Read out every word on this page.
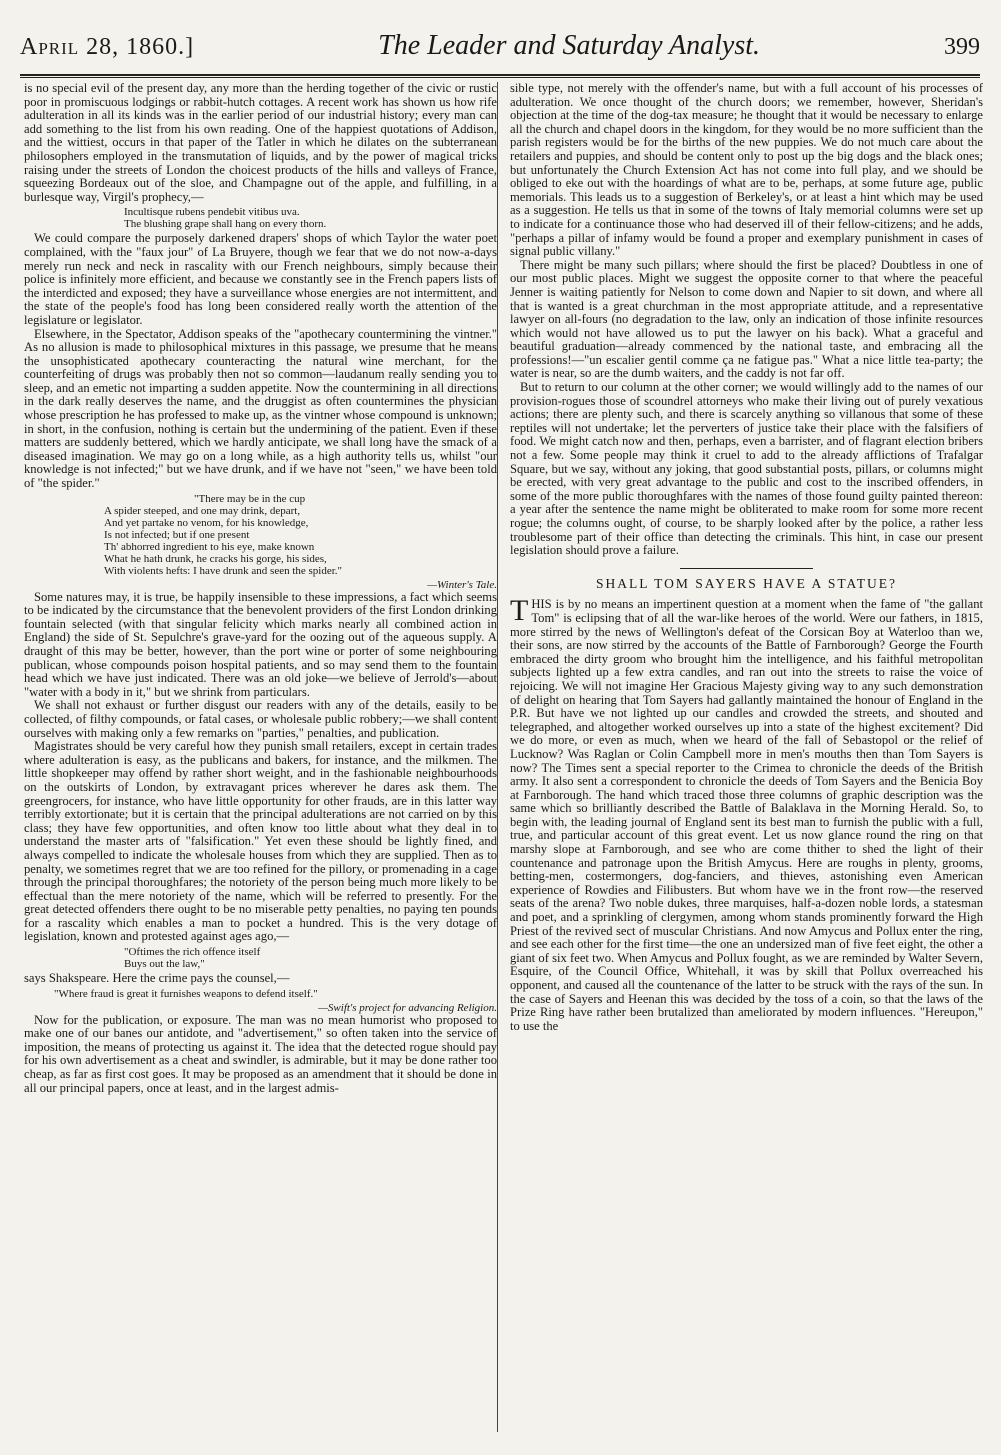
April 28, 1860.]	The Leader and Saturday Analyst.	399

is no special evil of the present day, any more than the herding together of the civic or rustic poor in promiscuous lodgings or rabbit-hutch cottages. A recent work has shown us how rife adulteration in all its kinds was in the earlier period of our industrial history; every man can add something to the list from his own reading. One of the happiest quotations of Addison, and the wittiest, occurs in that paper of the Tatler in which he dilates on the subterranean philosophers employed in the transmutation of liquids, and by the power of magical tricks raising under the streets of London the choicest products of the hills and valleys of France, squeezing Bordeaux out of the sloe, and Champagne out of the apple, and fulfilling, in a burlesque way, Virgil's prophecy,—

Incultisque rubens pendebit vitibus uva.
The blushing grape shall hang on every thorn.

We could compare the purposely darkened drapers' shops of which Taylor the water poet complained, with the "faux jour" of La Bruyere, though we fear that we do not now-a-days merely run neck and neck in rascality with our French neighbours, simply because their police is infinitely more efficient, and because we constantly see in the French papers lists of the interdicted and exposed; they have a surveillance whose energies are not intermittent, and the state of the people's food has long been considered really worth the attention of the legislature or legislator.

Elsewhere, in the Spectator, Addison speaks of the "apothecary countermining the vintner." As no allusion is made to philosophical mixtures in this passage, we presume that he means the unsophisticated apothecary counteracting the natural wine merchant, for the counterfeiting of drugs was probably then not so common—laudanum really sending you to sleep, and an emetic not imparting a sudden appetite. Now the countermining in all directions in the dark really deserves the name, and the druggist as often countermines the physician whose prescription he has professed to make up, as the vintner whose compound is unknown; in short, in the confusion, nothing is certain but the undermining of the patient. Even if these matters are suddenly bettered, which we hardly anticipate, we shall long have the smack of a diseased imagination. We may go on a long while, as a high authority tells us, whilst "our knowledge is not infected;" but we have drunk, and if we have not "seen," we have been told of "the spider."

"There may be in the cup
A spider steeped, and one may drink, depart,
And yet partake no venom, for his knowledge,
Is not infected; but if one present
Th' abhorred ingredient to his eye, make known
What he hath drunk, he cracks his gorge, his sides,
With violents hefts: I have drunk and seen the spider."
—Winter's Tale.

Some natures may, it is true, be happily insensible to these impressions, a fact which seems to be indicated by the circumstance that the benevolent providers of the first London drinking fountain selected (with that singular felicity which marks nearly all combined action in England) the side of St. Sepulchre's grave-yard for the oozing out of the aqueous supply. A draught of this may be better, however, than the port wine or porter of some neighbouring publican, whose compounds poison hospital patients, and so may send them to the fountain head which we have just indicated. There was an old joke—we believe of Jerrold's—about "water with a body in it," but we shrink from particulars.

We shall not exhaust or further disgust our readers with any of the details, easily to be collected, of filthy compounds, or fatal cases, or wholesale public robbery;—we shall content ourselves with making only a few remarks on "parties," penalties, and publication.

Magistrates should be very careful how they punish small retailers, except in certain trades where adulteration is easy, as the publicans and bakers, for instance, and the milkmen. The little shopkeeper may offend by rather short weight, and in the fashionable neighbourhoods on the outskirts of London, by extravagant prices wherever he dares ask them. The greengrocers, for instance, who have little opportunity for other frauds, are in this latter way terribly extortionate; but it is certain that the principal adulterations are not carried on by this class; they have few opportunities, and often know too little about what they deal in to understand the master arts of "falsification." Yet even these should be lightly fined, and always compelled to indicate the wholesale houses from which they are supplied. Then as to penalty, we sometimes regret that we are too refined for the pillory, or promenading in a cage through the principal thoroughfares; the notoriety of the person being much more likely to be effectual than the mere notoriety of the name, which will be referred to presently. For the great detected offenders there ought to be no miserable petty penalties, no paying ten pounds for a rascality which enables a man to pocket a hundred. This is the very dotage of legislation, known and protested against ages ago,—

"Oftimes the rich offence itself
Buys out the law,"

says Shakspeare. Here the crime pays the counsel,—

"Where fraud is great it furnishes weapons to defend itself."
—Swift's project for advancing Religion.

Now for the publication, or exposure. The man was no mean humorist who proposed to make one of our banes our antidote, and "advertisement," so often taken into the service of imposition, the means of protecting us against it. The idea that the detected rogue should pay for his own advertisement as a cheat and swindler, is admirable, but it may be done rather too cheap, as far as first cost goes. It may be proposed as an amendment that it should be done in all our principal papers, once at least, and in the largest admis-

sible type, not merely with the offender's name, but with a full account of his processes of adulteration. We once thought of the church doors; we remember, however, Sheridan's objection at the time of the dog-tax measure; he thought that it would be necessary to enlarge all the church and chapel doors in the kingdom, for they would be no more sufficient than the parish registers would be for the births of the new puppies. We do not much care about the retailers and puppies, and should be content only to post up the big dogs and the black ones; but unfortunately the Church Extension Act has not come into full play, and we should be obliged to eke out with the hoardings of what are to be, perhaps, at some future age, public memorials. This leads us to a suggestion of Berkeley's, or at least a hint which may be used as a suggestion. He tells us that in some of the towns of Italy memorial columns were set up to indicate for a continuance those who had deserved ill of their fellow-citizens; and he adds, "perhaps a pillar of infamy would be found a proper and exemplary punishment in cases of signal public villany."

There might be many such pillars; where should the first be placed? Doubtless in one of our most public places. Might we suggest the opposite corner to that where the peaceful Jenner is waiting patiently for Nelson to come down and Napier to sit down, and where all that is wanted is a great churchman in the most appropriate attitude, and a representative lawyer on all-fours (no degradation to the law, only an indication of those infinite resources which would not have allowed us to put the lawyer on his back). What a graceful and beautiful graduation—already commenced by the national taste, and embracing all the professions!—"un escalier gentil comme ça ne fatigue pas." What a nice little tea-party; the water is near, so are the dumb waiters, and the caddy is not far off.

But to return to our column at the other corner; we would willingly add to the names of our provision-rogues those of scoundrel attorneys who make their living out of purely vexatious actions; there are plenty such, and there is scarcely anything so villanous that some of these reptiles will not undertake; let the perverters of justice take their place with the falsifiers of food. We might catch now and then, perhaps, even a barrister, and of flagrant election bribers not a few. Some people may think it cruel to add to the already afflictions of Trafalgar Square, but we say, without any joking, that good substantial posts, pillars, or columns might be erected, with very great advantage to the public and cost to the inscribed offenders, in some of the more public thoroughfares with the names of those found guilty painted thereon: a year after the sentence the name might be obliterated to make room for some more recent rogue; the columns ought, of course, to be sharply looked after by the police, a rather less troublesome part of their office than detecting the criminals. This hint, in case our present legislation should prove a failure.

SHALL TOM SAYERS HAVE A STATUE?

THIS is by no means an impertinent question at a moment when the fame of "the gallant Tom" is eclipsing that of all the war-like heroes of the world. Were our fathers, in 1815, more stirred by the news of Wellington's defeat of the Corsican Boy at Waterloo than we, their sons, are now stirred by the accounts of the Battle of Farnborough? George the Fourth embraced the dirty groom who brought him the intelligence, and his faithful metropolitan subjects lighted up a few extra candles, and ran out into the streets to raise the voice of rejoicing. We will not imagine Her Gracious Majesty giving way to any such demonstration of delight on hearing that Tom Sayers had gallantly maintained the honour of England in the P.R. But have we not lighted up our candles and crowded the streets, and shouted and telegraphed, and altogether worked ourselves up into a state of the highest excitement? Did we do more, or even as much, when we heard of the fall of Sebastopol or the relief of Lucknow? Was Raglan or Colin Campbell more in men's mouths then than Tom Sayers is now? The Times sent a special reporter to the Crimea to chronicle the deeds of the British army. It also sent a correspondent to chronicle the deeds of Tom Sayers and the Benicia Boy at Farnborough. The hand which traced those three columns of graphic description was the same which so brilliantly described the Battle of Balaklava in the Morning Herald. So, to begin with, the leading journal of England sent its best man to furnish the public with a full, true, and particular account of this great event. Let us now glance round the ring on that marshy slope at Farnborough, and see who are come thither to shed the light of their countenance and patronage upon the British Amycus. Here are roughs in plenty, grooms, betting-men, costermongers, dog-fanciers, and thieves, astonishing even American experience of Rowdies and Filibusters. But whom have we in the front row—the reserved seats of the arena? Two noble dukes, three marquises, half-a-dozen noble lords, a statesman and poet, and a sprinkling of clergymen, among whom stands prominently forward the High Priest of the revived sect of muscular Christians. And now Amycus and Pollux enter the ring, and see each other for the first time—the one an undersized man of five feet eight, the other a giant of six feet two. When Amycus and Pollux fought, as we are reminded by Walter Severn, Esquire, of the Council Office, Whitehall, it was by skill that Pollux overreached his opponent, and caused all the countenance of the latter to be struck with the rays of the sun. In the case of Sayers and Heenan this was decided by the toss of a coin, so that the laws of the Prize Ring have rather been brutalized than ameliorated by modern influences. "Hereupon," to use the
